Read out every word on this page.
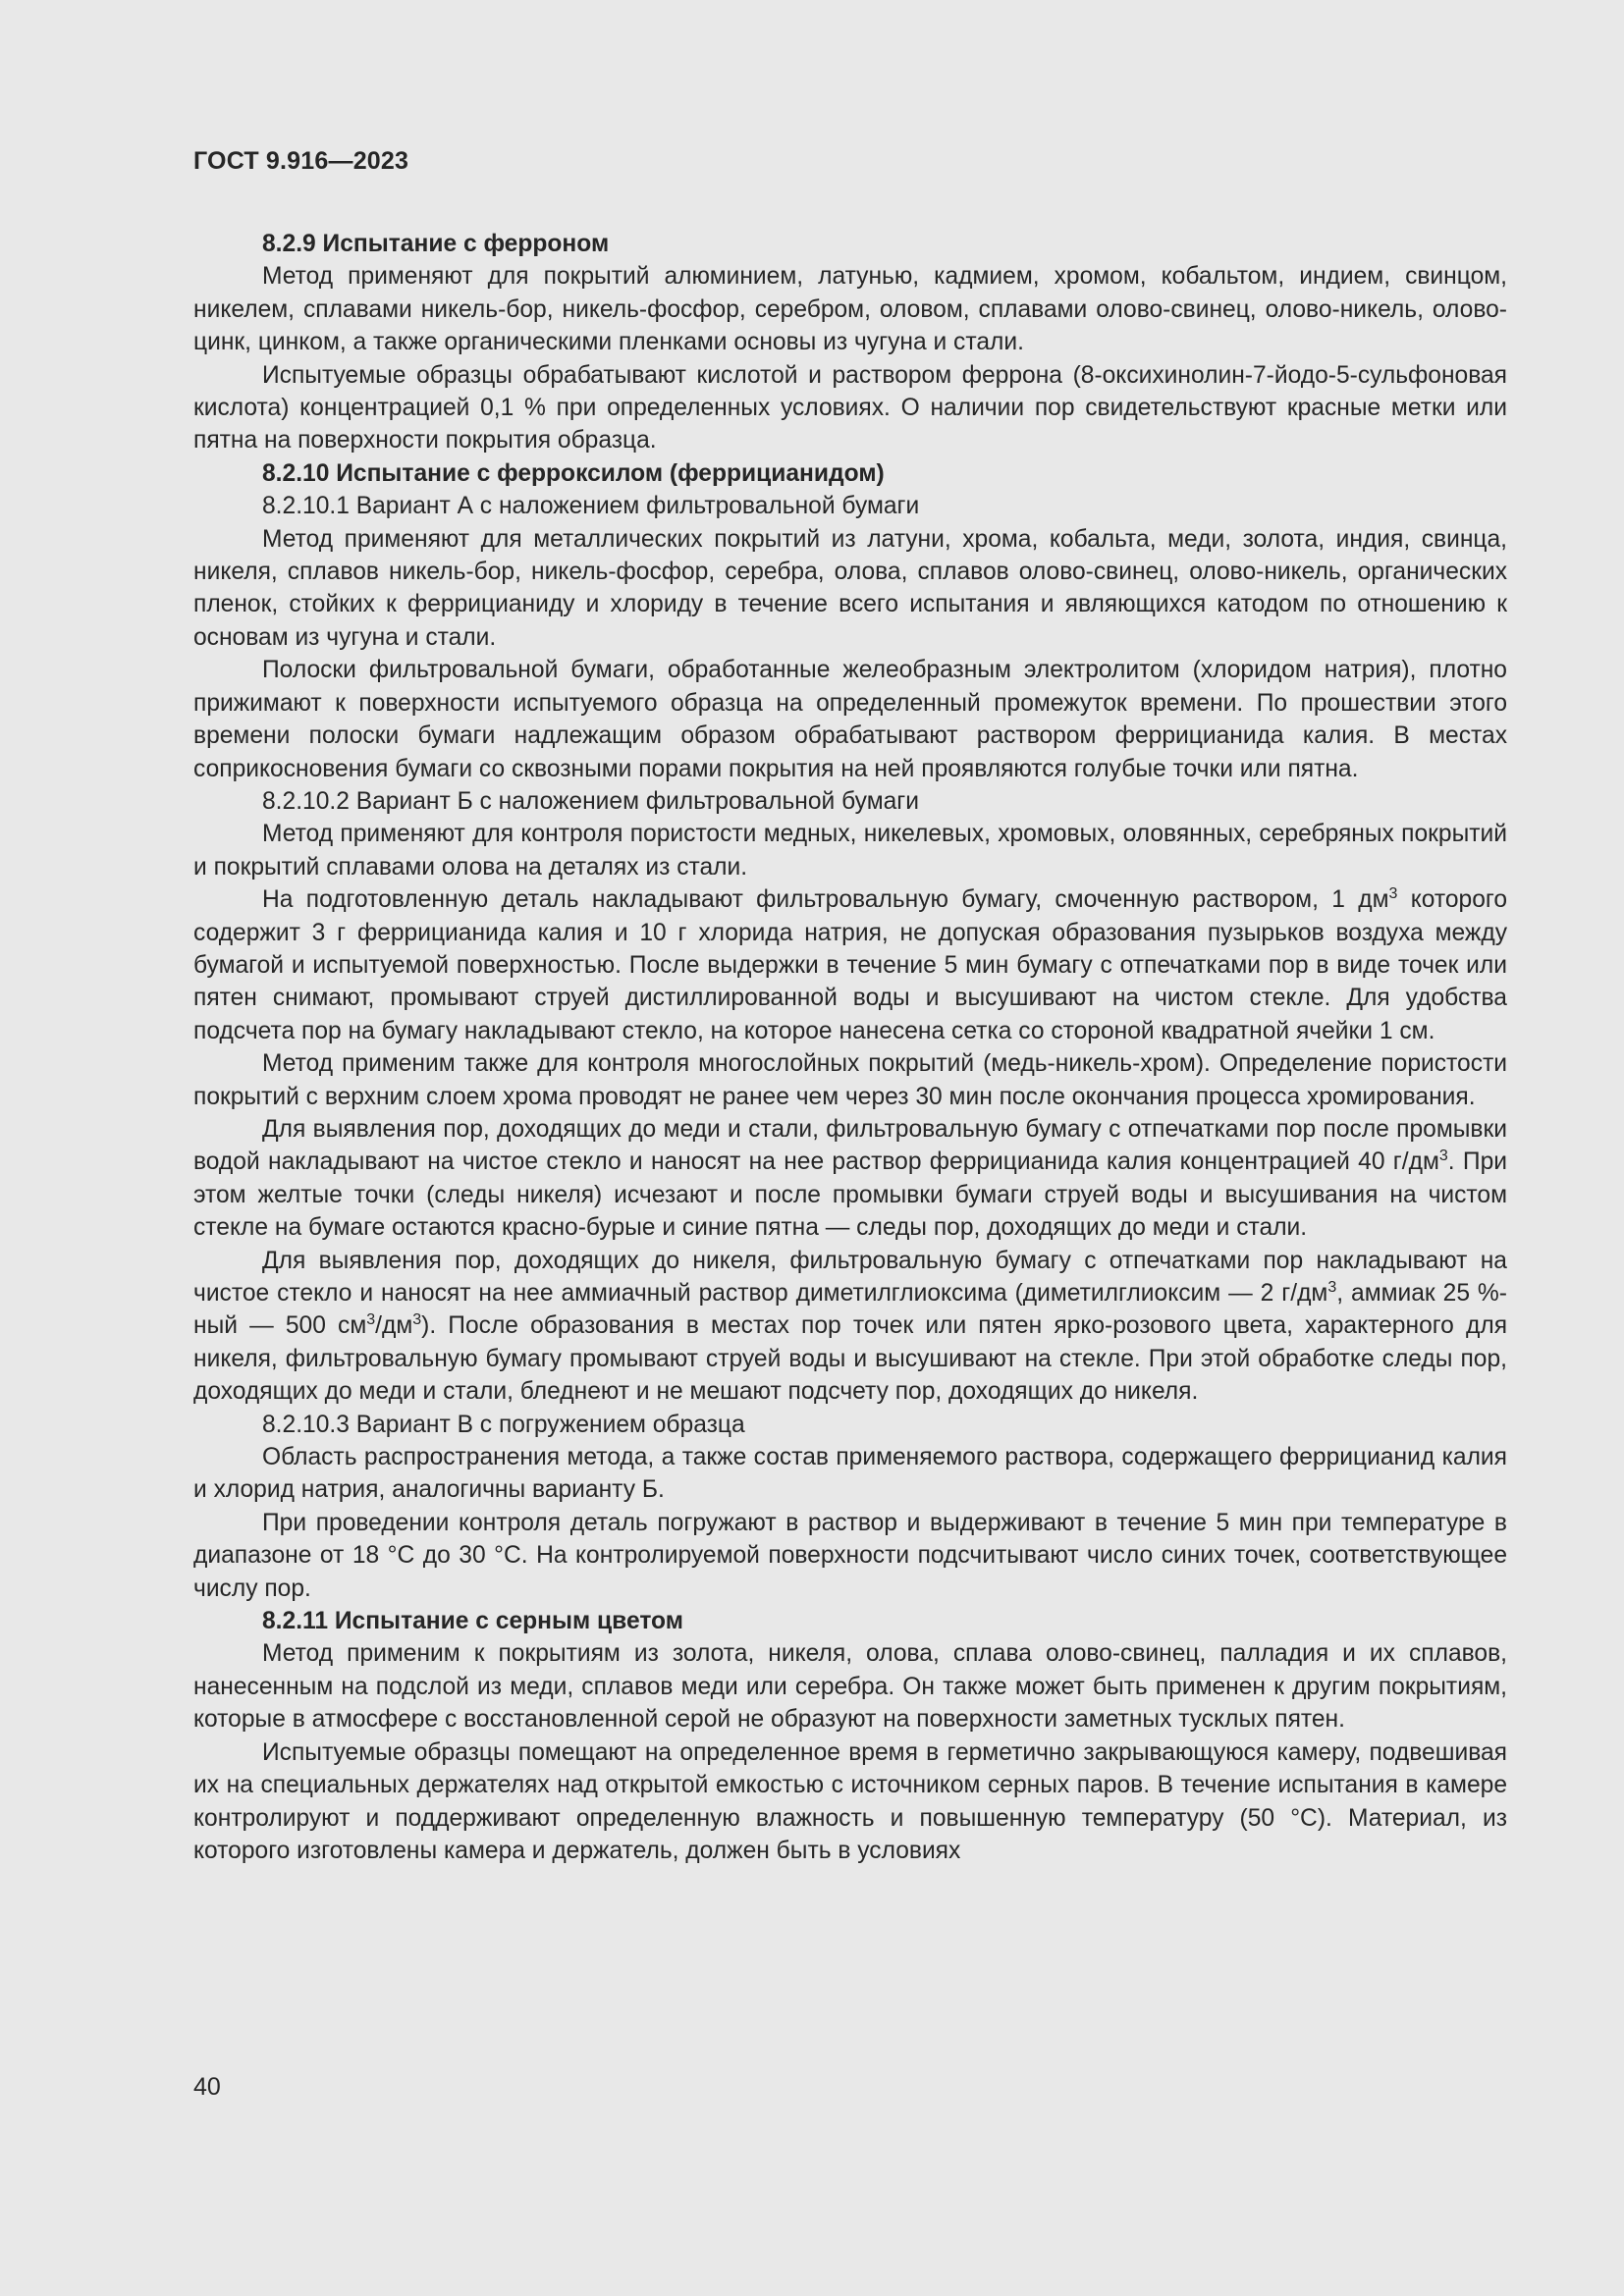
ГОСТ 9.916—2023

8.2.9 Испытание с ферроном

Метод применяют для покрытий алюминием, латунью, кадмием, хромом, кобальтом, индием, свинцом, никелем, сплавами никель-бор, никель-фосфор, серебром, оловом, сплавами олово-свинец, олово-никель, олово-цинк, цинком, а также органическими пленками основы из чугуна и стали.

Испытуемые образцы обрабатывают кислотой и раствором феррона (8-оксихинолин-7-йодо-5-сульфоновая кислота) концентрацией 0,1 % при определенных условиях. О наличии пор свидетельствуют красные метки или пятна на поверхности покрытия образца.

8.2.10 Испытание с ферроксилом (феррицианидом)

8.2.10.1 Вариант А с наложением фильтровальной бумаги

Метод применяют для металлических покрытий из латуни, хрома, кобальта, меди, золота, индия, свинца, никеля, сплавов никель-бор, никель-фосфор, серебра, олова, сплавов олово-свинец, олово-никель, органических пленок, стойких к феррицианиду и хлориду в течение всего испытания и являющихся катодом по отношению к основам из чугуна и стали.

Полоски фильтровальной бумаги, обработанные желеобразным электролитом (хлоридом натрия), плотно прижимают к поверхности испытуемого образца на определенный промежуток времени. По прошествии этого времени полоски бумаги надлежащим образом обрабатывают раствором феррицианида калия. В местах соприкосновения бумаги со сквозными порами покрытия на ней проявляются голубые точки или пятна.

8.2.10.2 Вариант Б с наложением фильтровальной бумаги

Метод применяют для контроля пористости медных, никелевых, хромовых, оловянных, серебряных покрытий и покрытий сплавами олова на деталях из стали.

На подготовленную деталь накладывают фильтровальную бумагу, смоченную раствором, 1 $дм^3$ которого содержит 3 г феррицианида калия и 10 г хлорида натрия, не допуская образования пузырьков воздуха между бумагой и испытуемой поверхностью. После выдержки в течение 5 мин бумагу с отпечатками пор в виде точек или пятен снимают, промывают струей дистиллированной воды и высушивают на чистом стекле. Для удобства подсчета пор на бумагу накладывают стекло, на которое нанесена сетка со стороной квадратной ячейки 1 см.

Метод применим также для контроля многослойных покрытий (медь-никель-хром). Определение пористости покрытий с верхним слоем хрома проводят не ранее чем через 30 мин после окончания процесса хромирования.

Для выявления пор, доходящих до меди и стали, фильтровальную бумагу с отпечатками пор после промывки водой накладывают на чистое стекло и наносят на нее раствор феррицианида калия концентрацией 40 $г/дм^3$. При этом желтые точки (следы никеля) исчезают и после промывки бумаги струей воды и высушивания на чистом стекле на бумаге остаются красно-бурые и синие пятна — следы пор, доходящих до меди и стали.

Для выявления пор, доходящих до никеля, фильтровальную бумагу с отпечатками пор накладывают на чистое стекло и наносят на нее аммиачный раствор диметилглиоксима (диметилглиоксим — 2 $г/дм^3$, аммиак 25 %-ный — 500 $см^3/дм^3$). После образования в местах пор точек или пятен ярко-розового цвета, характерного для никеля, фильтровальную бумагу промывают струей воды и высушивают на стекле. При этой обработке следы пор, доходящих до меди и стали, бледнеют и не мешают подсчету пор, доходящих до никеля.

8.2.10.3 Вариант В с погружением образца

Область распространения метода, а также состав применяемого раствора, содержащего феррицианид калия и хлорид натрия, аналогичны варианту Б.

При проведении контроля деталь погружают в раствор и выдерживают в течение 5 мин при температуре в диапазоне от 18 °С до 30 °С. На контролируемой поверхности подсчитывают число синих точек, соответствующее числу пор.

8.2.11 Испытание с серным цветом

Метод применим к покрытиям из золота, никеля, олова, сплава олово-свинец, палладия и их сплавов, нанесенным на подслой из меди, сплавов меди или серебра. Он также может быть применен к другим покрытиям, которые в атмосфере с восстановленной серой не образуют на поверхности заметных тусклых пятен.

Испытуемые образцы помещают на определенное время в герметично закрывающуюся камеру, подвешивая их на специальных держателях над открытой емкостью с источником серных паров. В течение испытания в камере контролируют и поддерживают определенную влажность и повышенную температуру (50 °С). Материал, из которого изготовлены камера и держатель, должен быть в условиях

40
